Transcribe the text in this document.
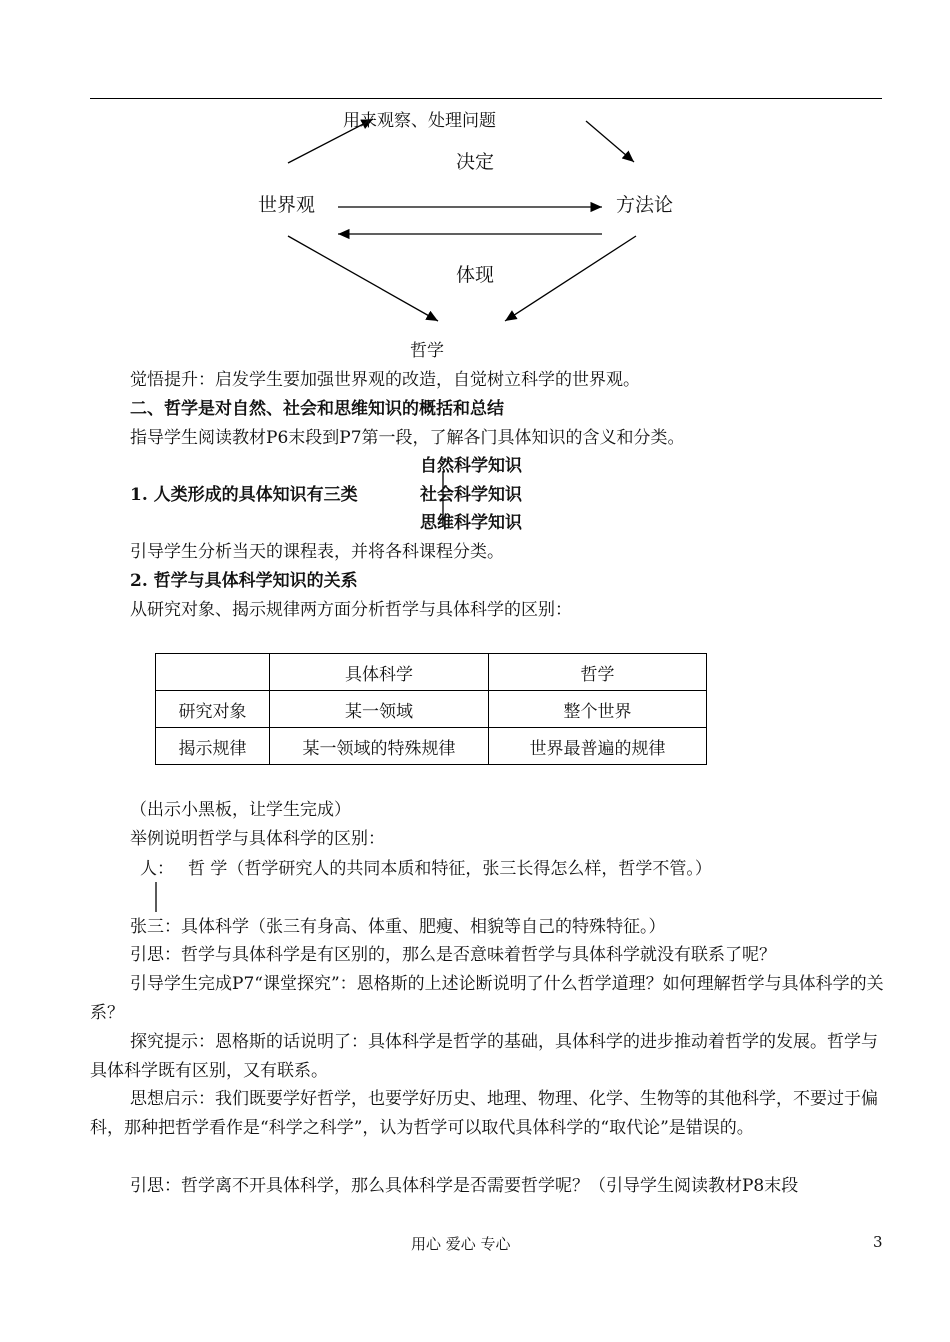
用来观察、处理问题
决定
世界观	方法论
体现
哲学
觉悟提升：启发学生要加强世界观的改造，自觉树立科学的世界观。
二、哲学是对自然、社会和思维知识的概括和总结
指导学生阅读教材P6末段到P7第一段，了解各门具体知识的含义和分类。
自然科学知识
1. 人类形成的具体知识有三类	社会科学知识
思维科学知识
引导学生分析当天的课程表，并将各科课程分类。
2. 哲学与具体科学知识的关系
从研究对象、揭示规律两方面分析哲学与具体科学的区别：
	具体科学	哲学
研究对象	某一领域	整个世界
揭示规律	某一领域的特殊规律	世界最普遍的规律
（出示小黑板，让学生完成）
举例说明哲学与具体科学的区别：
人： 哲 学（哲学研究人的共同本质和特征，张三长得怎么样，哲学不管。）
张三：具体科学（张三有身高、体重、肥瘦、相貌等自己的特殊特征。）
引思：哲学与具体科学是有区别的，那么是否意味着哲学与具体科学就没有联系了呢？
引导学生完成P7“课堂探究”：恩格斯的上述论断说明了什么哲学道理？如何理解哲学与具体科学的关系？
探究提示：恩格斯的话说明了：具体科学是哲学的基础，具体科学的进步推动着哲学的发展。哲学与具体科学既有区别，又有联系。
思想启示：我们既要学好哲学，也要学好历史、地理、物理、化学、生物等的其他科学，不要过于偏科，那种把哲学看作是“科学之科学”，认为哲学可以取代具体科学的“取代论”是错误的。
引思：哲学离不开具体科学，那么具体科学是否需要哲学呢？（引导学生阅读教材P8末段
用心 爱心 专心	3
